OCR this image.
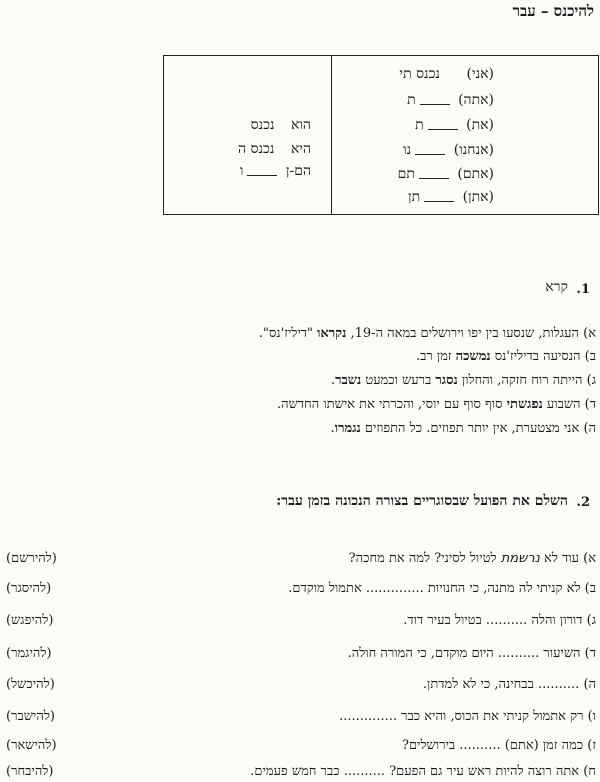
להיכנס – עבר
(אני) נכנס תי
(אתה) ת
(את) ת
(אנחנו) נו
(אתם) תם
(אתן) תן
הוא נכנס
היא נכנס ה
הם-ן ו
.1
קרא
א) העגלות, שנסעו בין יפו וירושלים במאה ה-19, נקראו "דיליז'נס".
ב) הנסיעה בדיליז'נס נמשכה זמן רב.
ג) הייתה רוח חזקה, והחלון נסגר ברעש וכמעט נשבר.
ד) השבוע נפגשתי סוף סוף עם יוסי, והכרתי את אישתו החדשה.
ה) אני מצטערת, אין יותר תפוזים. כל התפוזים נגמרו.
.2
השלם את הפועל שבסוגריים בצורה הנכונה בזמן עבר:
א) עוד לא נרשמת לטיול לסיני? למה את מחכה?
(להירשם)
ב) לא קניתי לה מתנה, כי החנויות .............. אתמול מוקדם.
(להיסגר)
ג) דורון והלה .......... בטיול בעיר דוד.
(להיפגש)
ד) השיעור .......... היום מוקדם, כי המורה חולה.
(להיגמר)
ה) .......... בבחינה, כי לא למדתן.
(להיכשל)
ו) רק אתמול קניתי את הכוס, והיא כבר ..............
(להישבר)
ז) כמה זמן (אתם) .......... בירושלים?
(להישאר)
ח) אתה רוצה להיות ראש עיר גם הפעם? .......... כבר חמש פעמים.
(להיבחר)
